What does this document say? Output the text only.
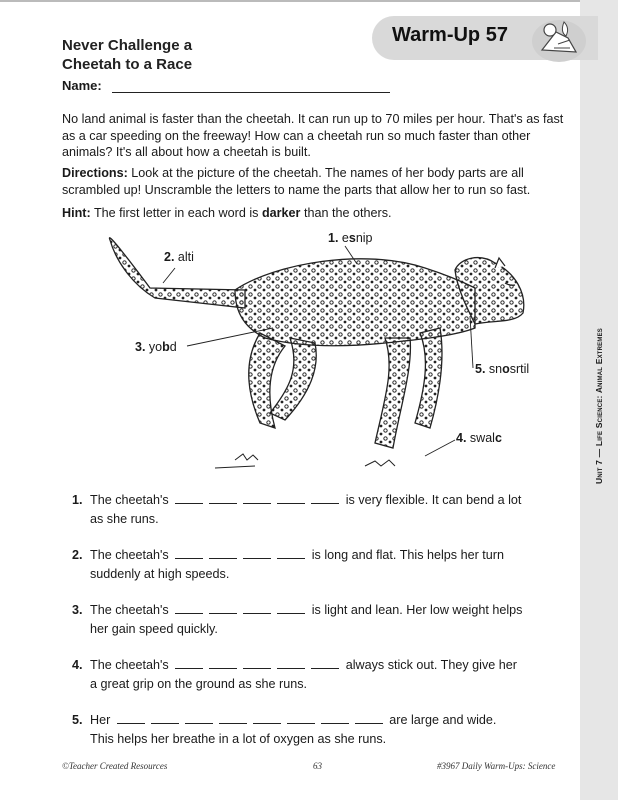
Unit 7 — Life Science: Animal Extremes
Warm-Up 57
Never Challenge a
Cheetah to a Race
Name:
No land animal is faster than the cheetah. It can run up to 70 miles per hour. That's as fast as a car speeding on the freeway! How can a cheetah run so much faster than other animals? It's all about how a cheetah is built.
Directions: Look at the picture of the cheetah. The names of her body parts are all scrambled up! Unscramble the letters to name the parts that allow her to run so fast.
Hint: The first letter in each word is darker than the others.
1. esnip
2. alti
3. yobd
4. swalc
5. snosrtil
1. The cheetah's	is very flexible. It can bend a lot
as she runs.
2. The cheetah's	is long and flat. This helps her turn
suddenly at high speeds.
3. The cheetah's	is light and lean. Her low weight helps
her gain speed quickly.
4. The cheetah's	always stick out. They give her
a great grip on the ground as she runs.
5. Her	are large and wide.
This helps her breathe in a lot of oxygen as she runs.
©Teacher Created Resources	63	#3967 Daily Warm-Ups: Science
